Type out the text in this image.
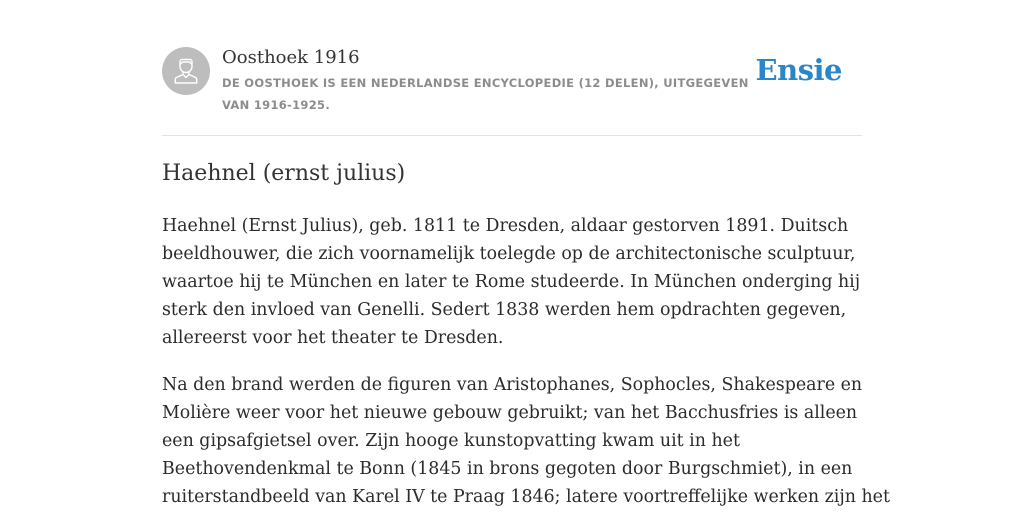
Oosthoek 1916
DE OOSTHOEK IS EEN NEDERLANDSE ENCYCLOPEDIE (12 DELEN), UITGEGEVEN VAN 1916-1925.
Ensie
Haehnel (ernst julius)

Haehnel (Ernst Julius), geb. 1811 te Dresden, aldaar gestorven 1891. Duitsch
beeldhouwer, die zich voornamelijk toelegde op de architectonische sculptuur,
waartoe hij te München en later te Rome studeerde. In München onderging hij
sterk den invloed van Genelli. Sedert 1838 werden hem opdrachten gegeven,
allereerst voor het theater te Dresden.

Na den brand werden de figuren van Aristophanes, Sophocles, Shakespeare en
Molière weer voor het nieuwe gebouw gebruikt; van het Bacchusfries is alleen
een gipsafgietsel over. Zijn hooge kunstopvatting kwam uit in het
Beethovendenkmal te Bonn (1845 in brons gegoten door Burgschmiet), in een
ruiterstandbeeld van Karel IV te Praag 1846; latere voortreffelijke werken zijn het
